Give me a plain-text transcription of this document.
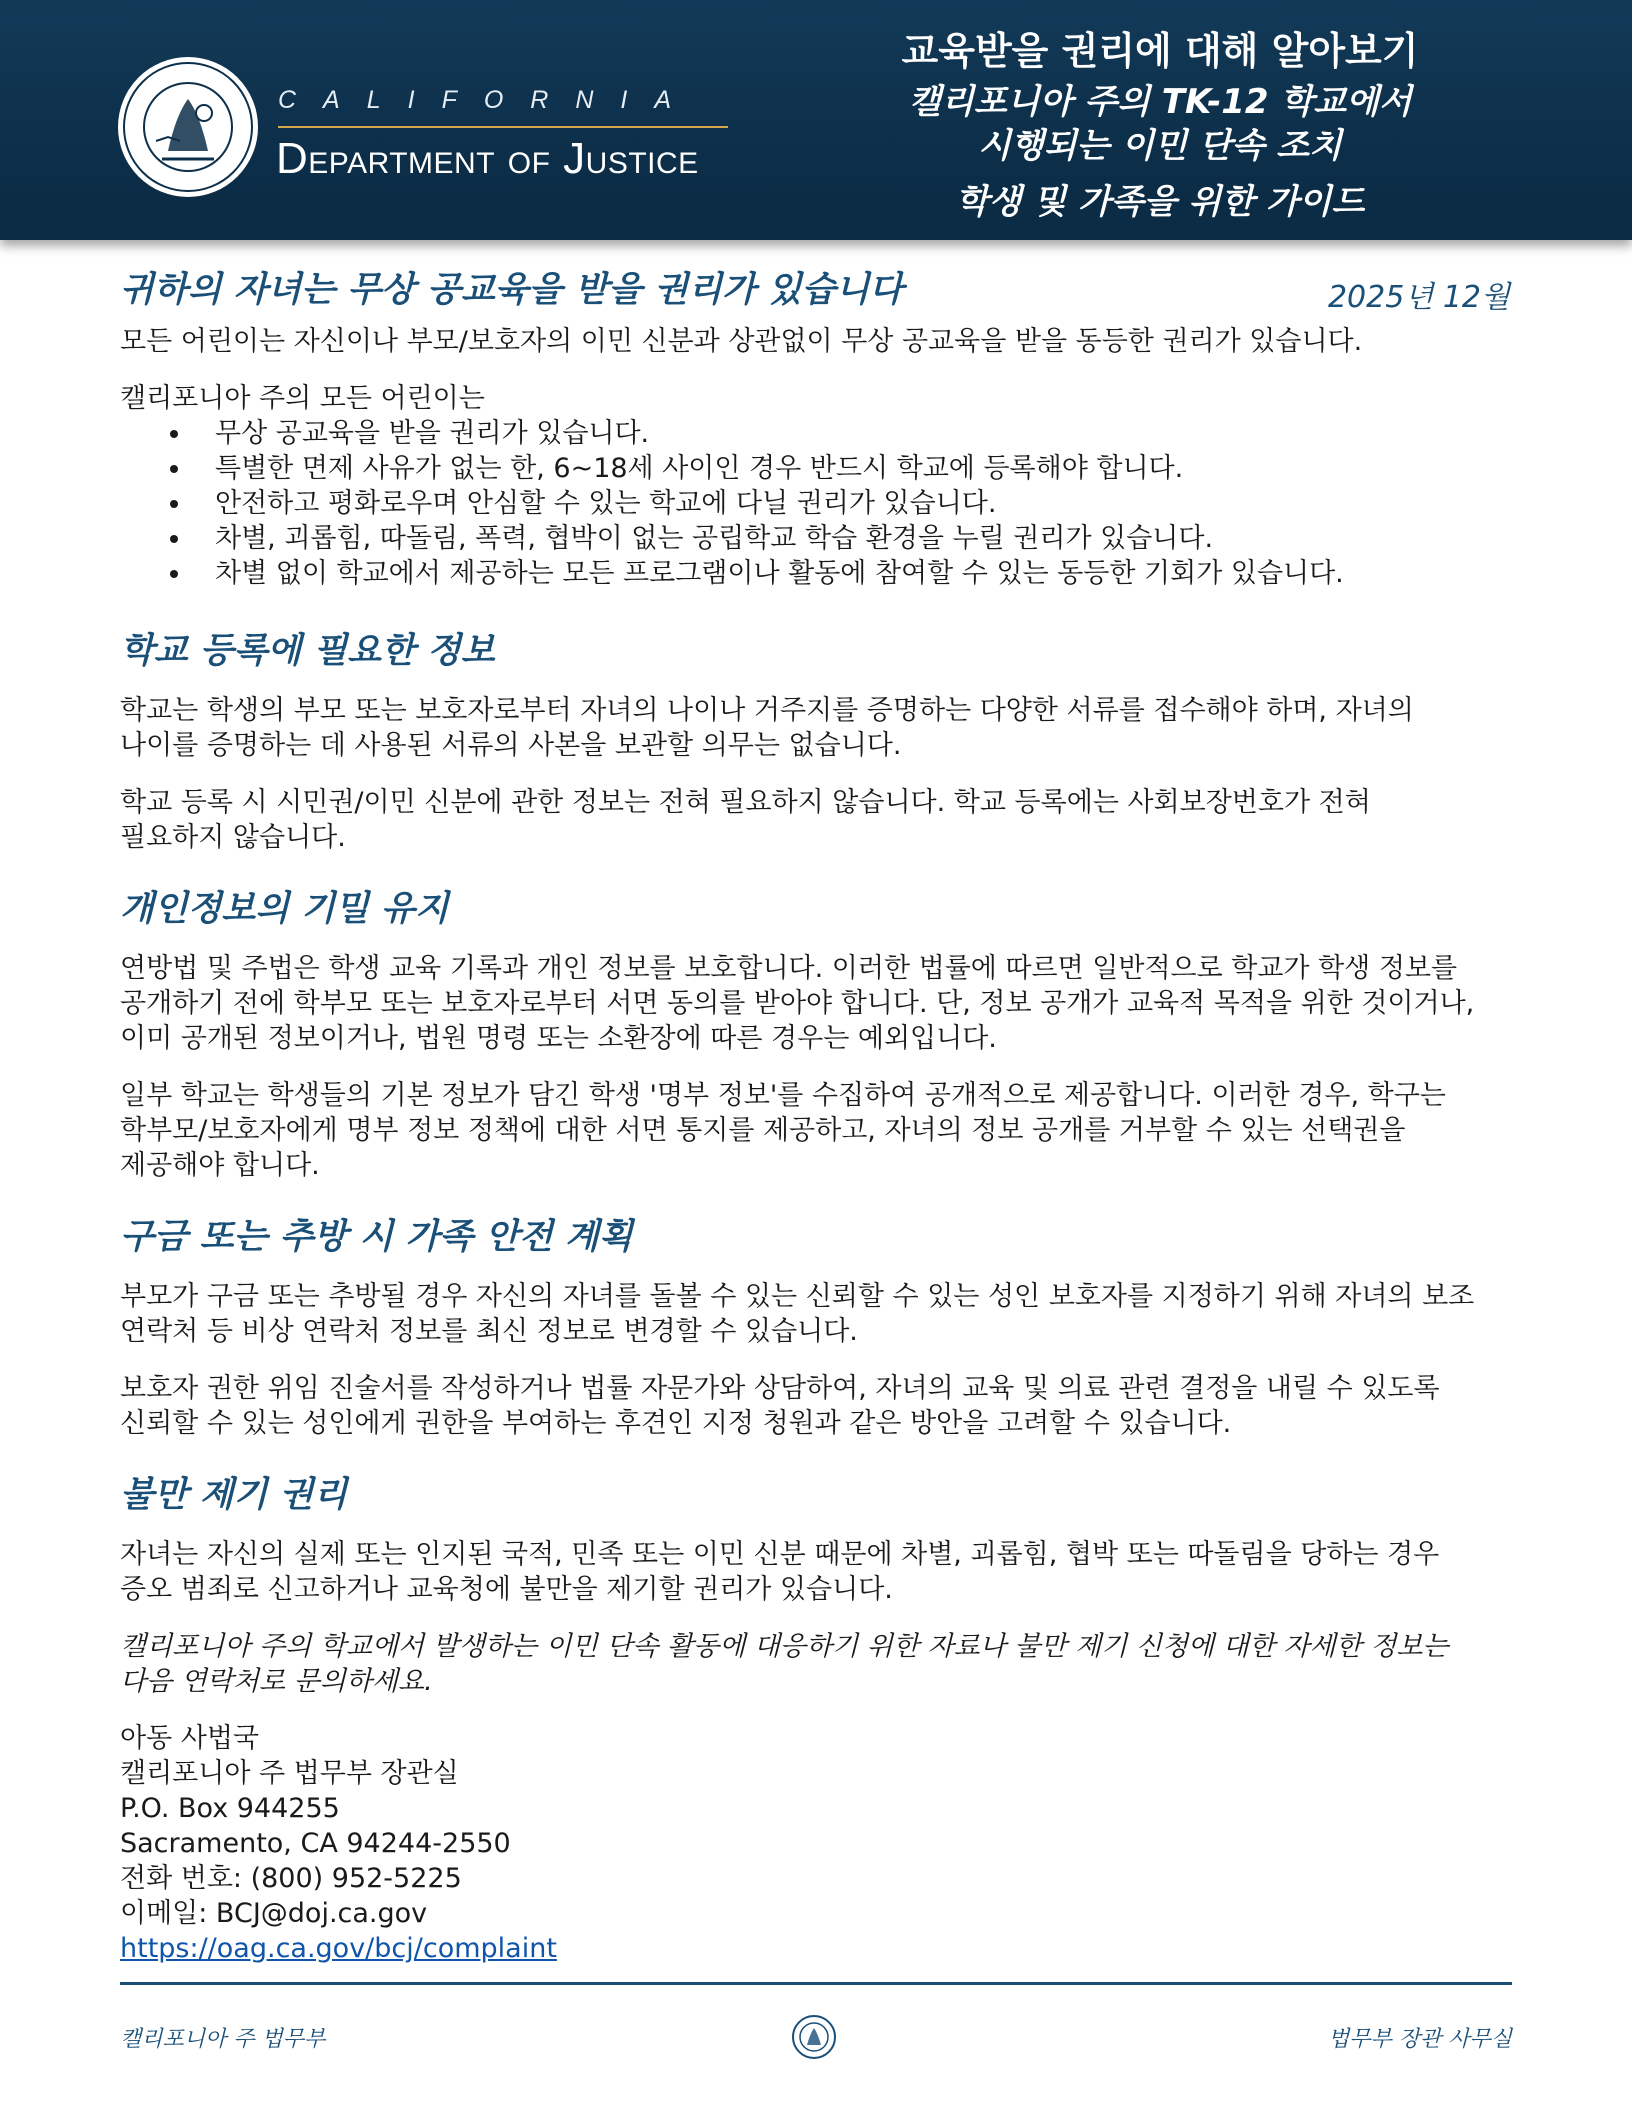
CALIFORNIA
DEPARTMENT OF JUSTICE
교육받을 권리에 대해 알아보기
캘리포니아 주의 TK-12 학교에서
시행되는 이민 단속 조치
학생 및 가족을 위한 가이드
2025년 12월
귀하의 자녀는 무상 공교육을 받을 권리가 있습니다

모든 어린이는 자신이나 부모/보호자의 이민 신분과 상관없이 무상 공교육을 받을 동등한 권리가 있습니다.

캘리포니아 주의 모든 어린이는

무상 공교육을 받을 권리가 있습니다.
특별한 면제 사유가 없는 한, 6~18세 사이인 경우 반드시 학교에 등록해야 합니다.
안전하고 평화로우며 안심할 수 있는 학교에 다닐 권리가 있습니다.
차별, 괴롭힘, 따돌림, 폭력, 협박이 없는 공립학교 학습 환경을 누릴 권리가 있습니다.
차별 없이 학교에서 제공하는 모든 프로그램이나 활동에 참여할 수 있는 동등한 기회가 있습니다.
학교 등록에 필요한 정보

학교는 학생의 부모 또는 보호자로부터 자녀의 나이나 거주지를 증명하는 다양한 서류를 접수해야 하며, 자녀의
나이를 증명하는 데 사용된 서류의 사본을 보관할 의무는 없습니다.

학교 등록 시 시민권/이민 신분에 관한 정보는 전혀 필요하지 않습니다. 학교 등록에는 사회보장번호가 전혀
필요하지 않습니다.

개인정보의 기밀 유지

연방법 및 주법은 학생 교육 기록과 개인 정보를 보호합니다. 이러한 법률에 따르면 일반적으로 학교가 학생 정보를
공개하기 전에 학부모 또는 보호자로부터 서면 동의를 받아야 합니다. 단, 정보 공개가 교육적 목적을 위한 것이거나,
이미 공개된 정보이거나, 법원 명령 또는 소환장에 따른 경우는 예외입니다.

일부 학교는 학생들의 기본 정보가 담긴 학생 '명부 정보'를 수집하여 공개적으로 제공합니다. 이러한 경우, 학구는
학부모/보호자에게 명부 정보 정책에 대한 서면 통지를 제공하고, 자녀의 정보 공개를 거부할 수 있는 선택권을
제공해야 합니다.

구금 또는 추방 시 가족 안전 계획

부모가 구금 또는 추방될 경우 자신의 자녀를 돌볼 수 있는 신뢰할 수 있는 성인 보호자를 지정하기 위해 자녀의 보조
연락처 등 비상 연락처 정보를 최신 정보로 변경할 수 있습니다.

보호자 권한 위임 진술서를 작성하거나 법률 자문가와 상담하여, 자녀의 교육 및 의료 관련 결정을 내릴 수 있도록
신뢰할 수 있는 성인에게 권한을 부여하는 후견인 지정 청원과 같은 방안을 고려할 수 있습니다.

불만 제기 권리

자녀는 자신의 실제 또는 인지된 국적, 민족 또는 이민 신분 때문에 차별, 괴롭힘, 협박 또는 따돌림을 당하는 경우
증오 범죄로 신고하거나 교육청에 불만을 제기할 권리가 있습니다.

캘리포니아 주의 학교에서 발생하는 이민 단속 활동에 대응하기 위한 자료나 불만 제기 신청에 대한 자세한 정보는
다음 연락처로 문의하세요.

아동 사법국

캘리포니아 주 법무부 장관실

P.O. Box 944255

Sacramento, CA 94244-2550

전화 번호: (800) 952-5225

이메일: BCJ@doj.ca.gov

https://oag.ca.gov/bcj/complaint

캘리포니아 주 법무부	법무부 장관 사무실
